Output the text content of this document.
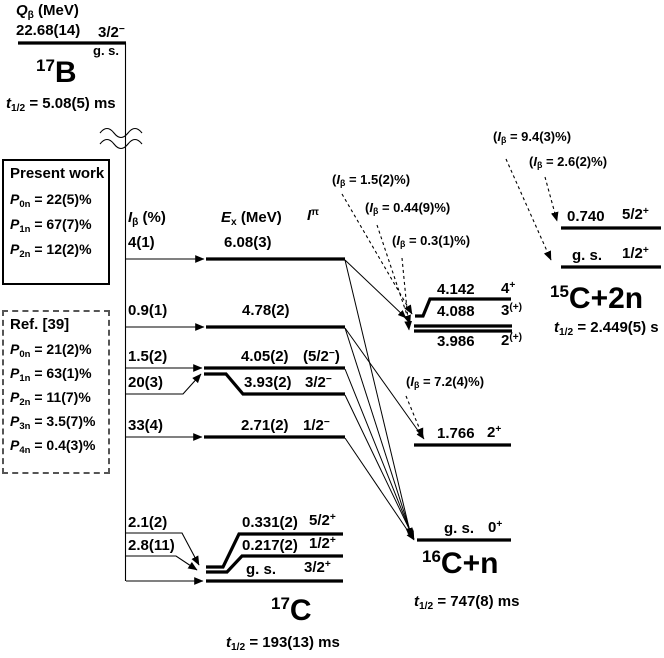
$Q_\beta$ (MeV)
22.68(14) 3/2−
g. s.
$^{17}$B
$t_{1/2} = 5.08(5)$ ms
Present work
$P_{0n} = 22(5)\%$
$P_{1n} = 67(7)\%$
$P_{2n} = 12(2)\%$
Ref. [39]
$P_{0n} = 21(2)\%$
$P_{1n} = 63(1)\%$
$P_{2n} = 11(7)\%$
$P_{3n} = 3.5(7)\%$
$P_{4n} = 0.4(3)\%$
$I_\beta$ (%)	$E_x$ (MeV) $I^\pi$
4(1)	6.08(3)
0.9(1)	4.78(2)
1.5(2)	4.05(2) (5/2−)
20(3)	3.93(2) 3/2−
33(4)	2.71(2) 1/2−
2.1(2)	0.331(2) 5/2+
2.8(11)	0.217(2) 1/2+
g. s. 3/2+
$^{17}$C
$t_{1/2} = 193(13)$ ms
4.142 4+
4.088 3(+)
3.986 2(+)
1.766 2+
g. s. 0+
$^{16}$C+n
$t_{1/2} = 747(8)$ ms
0.740 5/2+
g. s. 1/2+
$^{15}$C+2n
$t_{1/2} = 2.449(5)$ s
$(I_\beta = 1.5(2)\%)$
$(I_\beta = 0.44(9)\%)$
$(I_\beta = 0.3(1)\%)$
$(I_\beta = 7.2(4)\%)$
$(I_\beta = 9.4(3)\%)$
$(I_\beta = 2.6(2)\%)$
